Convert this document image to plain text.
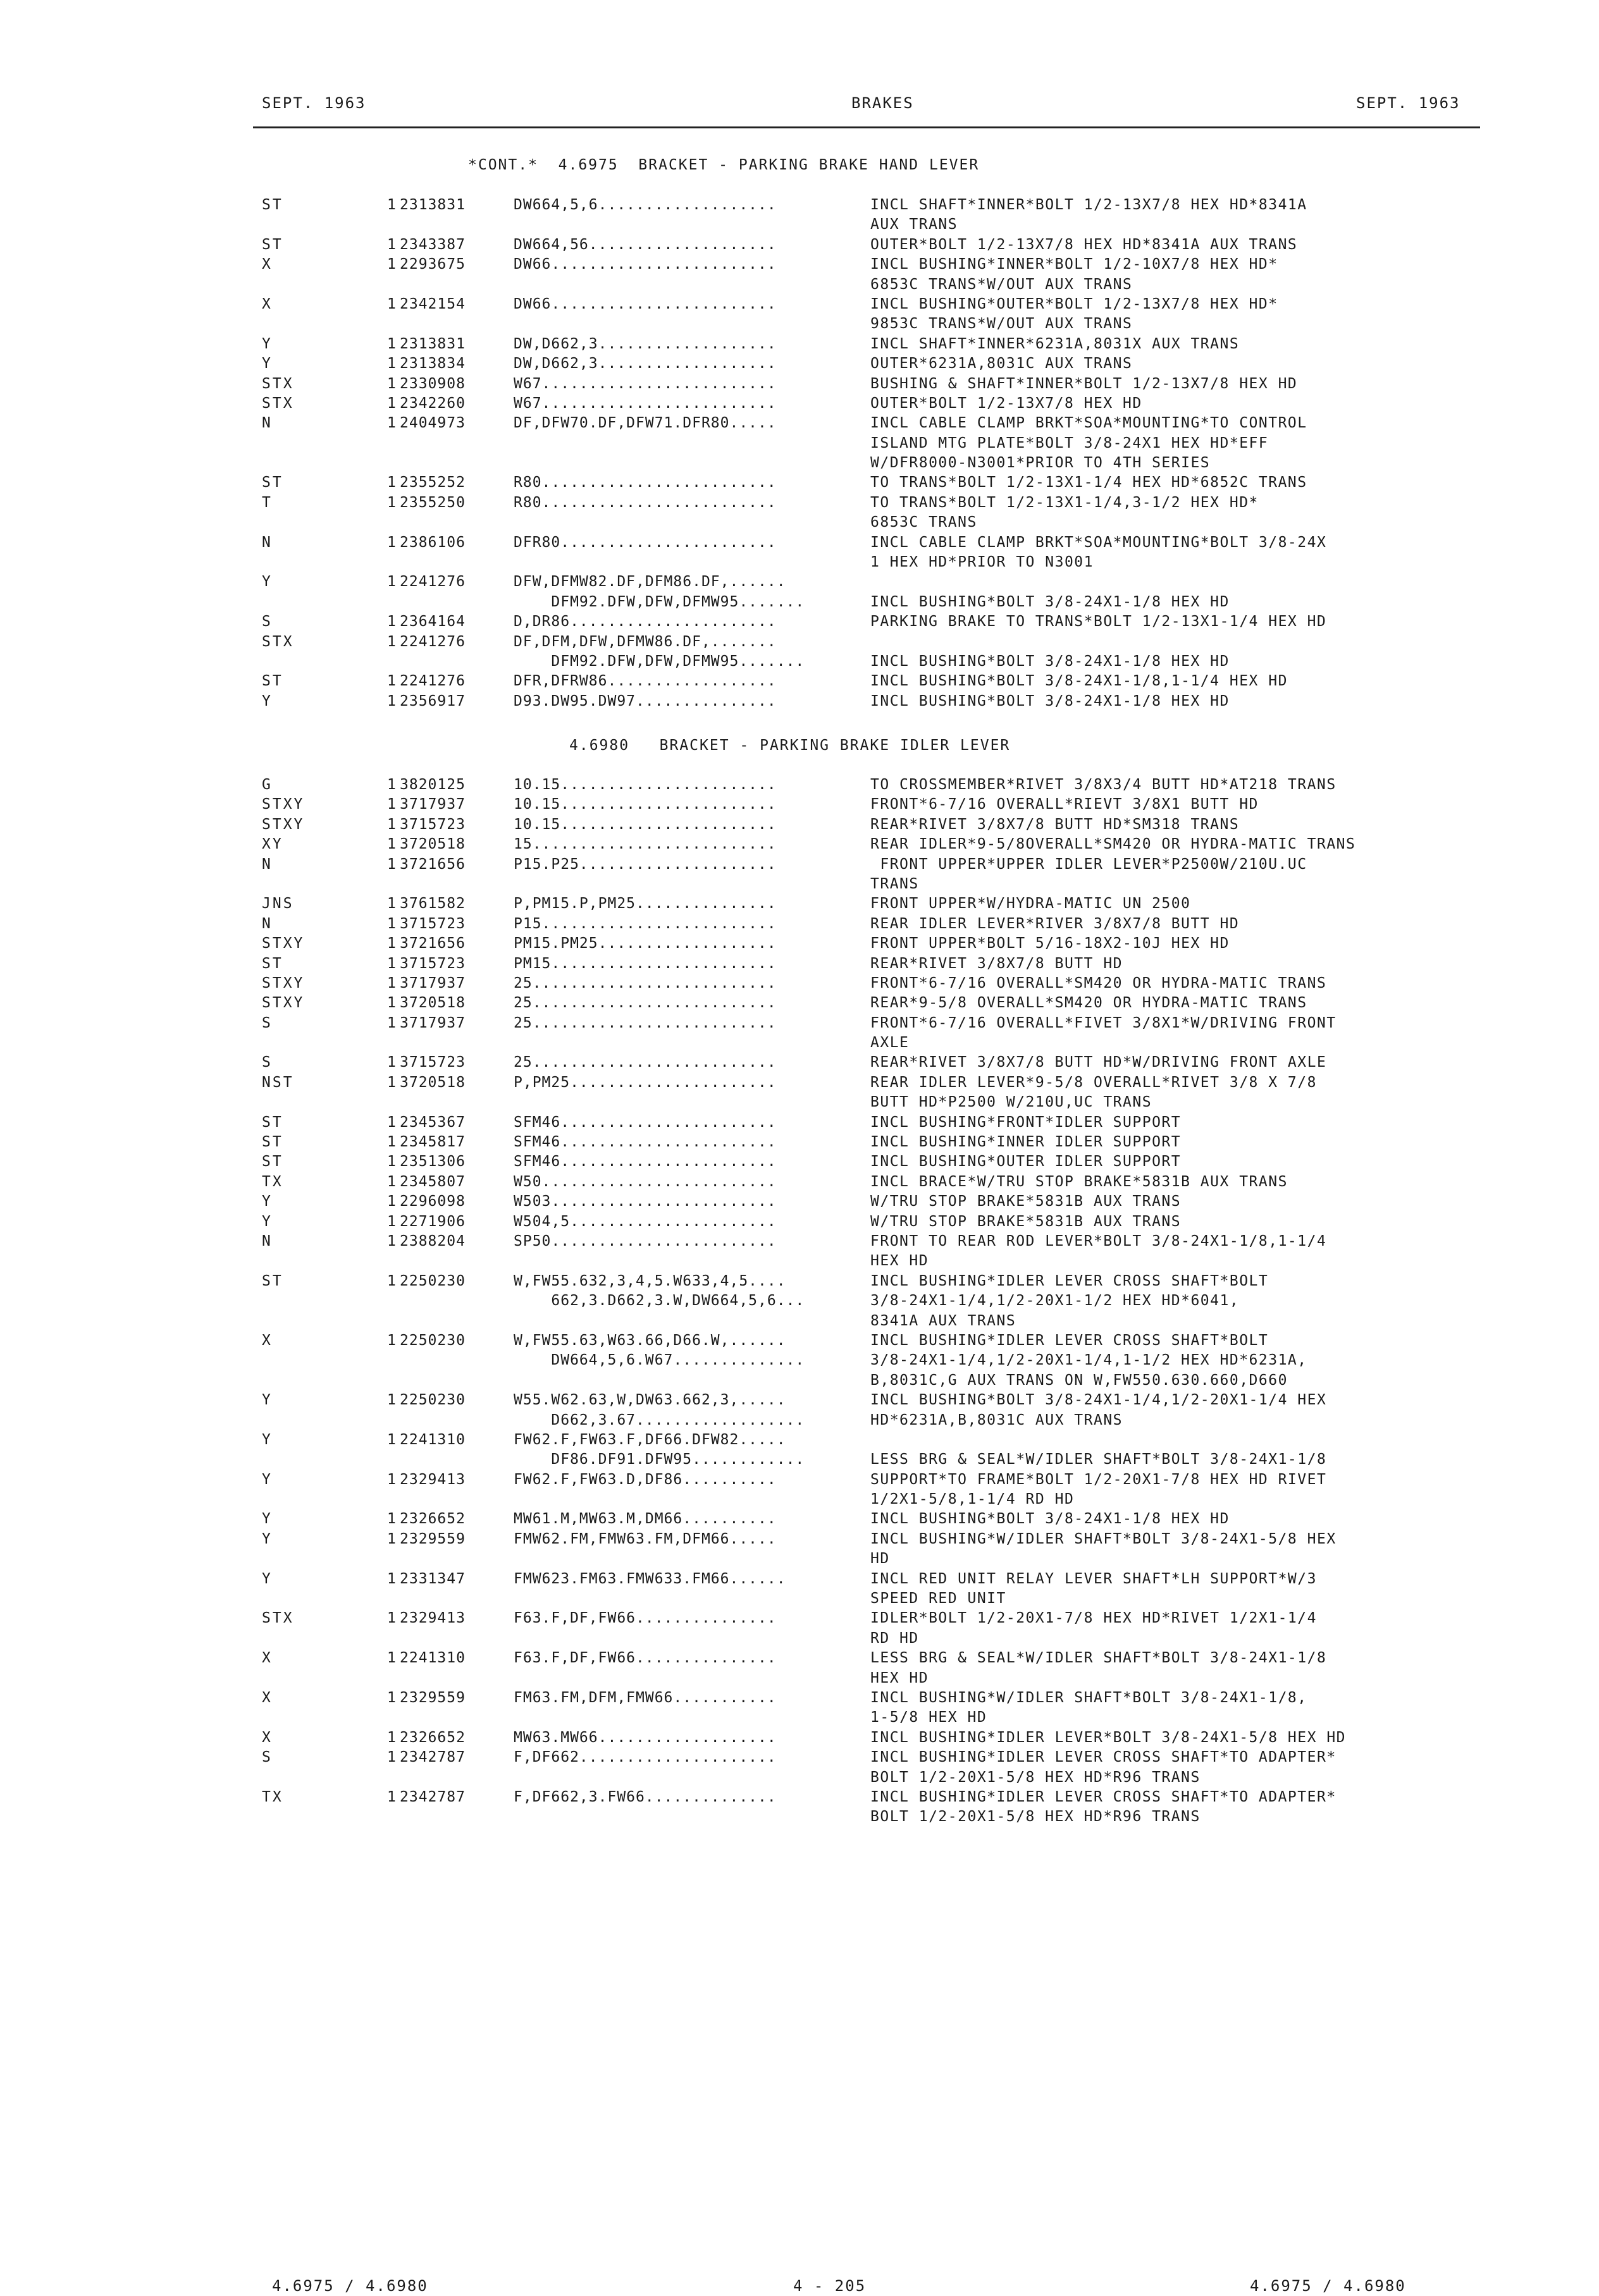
SEPT. 1963	BRAKES	SEPT. 1963
*CONT.*  4.6975  BRACKET - PARKING BRAKE HAND LEVER
ST	1 2313831	DW664,5,6...................	INCL SHAFT*INNER*BOLT 1/2-13X7/8 HEX HD*8341A
AUX TRANS
ST	1 2343387	DW664,56....................	OUTER*BOLT 1/2-13X7/8 HEX HD*8341A AUX TRANS
X	1 2293675	DW66........................	INCL BUSHING*INNER*BOLT 1/2-10X7/8 HEX HD*
6853C TRANS*W/OUT AUX TRANS
X	1 2342154	DW66........................	INCL BUSHING*OUTER*BOLT 1/2-13X7/8 HEX HD*
9853C TRANS*W/OUT AUX TRANS
Y	1 2313831	DW,D662,3...................	INCL SHAFT*INNER*6231A,8031X AUX TRANS
Y	1 2313834	DW,D662,3...................	OUTER*6231A,8031C AUX TRANS
STX	1 2330908	W67.........................	BUSHING & SHAFT*INNER*BOLT 1/2-13X7/8 HEX HD
STX	1 2342260	W67.........................	OUTER*BOLT 1/2-13X7/8 HEX HD
N	1 2404973	DF,DFW70.DF,DFW71.DFR80.....	INCL CABLE CLAMP BRKT*SOA*MOUNTING*TO CONTROL
ISLAND MTG PLATE*BOLT 3/8-24X1 HEX HD*EFF
W/DFR8000-N3001*PRIOR TO 4TH SERIES
ST	1 2355252	R80.........................	TO TRANS*BOLT 1/2-13X1-1/4 HEX HD*6852C TRANS
T	1 2355250	R80.........................	TO TRANS*BOLT 1/2-13X1-1/4,3-1/2 HEX HD*
6853C TRANS
N	1 2386106	DFR80.......................	INCL CABLE CLAMP BRKT*SOA*MOUNTING*BOLT 3/8-24X
1 HEX HD*PRIOR TO N3001
Y	1 2241276	DFW,DFMW82.DF,DFM86.DF,......
DFM92.DFW,DFW,DFMW95.......	INCL BUSHING*BOLT 3/8-24X1-1/8 HEX HD
S	1 2364164	D,DR86......................	PARKING BRAKE TO TRANS*BOLT 1/2-13X1-1/4 HEX HD
STX	1 2241276	DF,DFM,DFW,DFMW86.DF,.......
DFM92.DFW,DFW,DFMW95.......	INCL BUSHING*BOLT 3/8-24X1-1/8 HEX HD
ST	1 2241276	DFR,DFRW86..................	INCL BUSHING*BOLT 3/8-24X1-1/8,1-1/4 HEX HD
Y	1 2356917	D93.DW95.DW97...............	INCL BUSHING*BOLT 3/8-24X1-1/8 HEX HD
4.6980   BRACKET - PARKING BRAKE IDLER LEVER
G	1 3820125	10.15.......................	TO CROSSMEMBER*RIVET 3/8X3/4 BUTT HD*AT218 TRANS
STXY	1 3717937	10.15.......................	FRONT*6-7/16 OVERALL*RIEVT 3/8X1 BUTT HD
STXY	1 3715723	10.15.......................	REAR*RIVET 3/8X7/8 BUTT HD*SM318 TRANS
XY	1 3720518	15..........................	REAR IDLER*9-5/8OVERALL*SM420 OR HYDRA-MATIC TRANS
N	1 3721656	P15.P25.....................	FRONT UPPER*UPPER IDLER LEVER*P2500W/210U.UC
TRANS
JNS	1 3761582	P,PM15.P,PM25...............	FRONT UPPER*W/HYDRA-MATIC UN 2500
N	1 3715723	P15.........................	REAR IDLER LEVER*RIVER 3/8X7/8 BUTT HD
STXY	1 3721656	PM15.PM25...................	FRONT UPPER*BOLT 5/16-18X2-10J HEX HD
ST	1 3715723	PM15........................	REAR*RIVET 3/8X7/8 BUTT HD
STXY	1 3717937	25..........................	FRONT*6-7/16 OVERALL*SM420 OR HYDRA-MATIC TRANS
STXY	1 3720518	25..........................	REAR*9-5/8 OVERALL*SM420 OR HYDRA-MATIC TRANS
S	1 3717937	25..........................	FRONT*6-7/16 OVERALL*FIVET 3/8X1*W/DRIVING FRONT
AXLE
S	1 3715723	25..........................	REAR*RIVET 3/8X7/8 BUTT HD*W/DRIVING FRONT AXLE
NST	1 3720518	P,PM25......................	REAR IDLER LEVER*9-5/8 OVERALL*RIVET 3/8 X 7/8
BUTT HD*P2500 W/210U,UC TRANS
ST	1 2345367	SFM46.......................	INCL BUSHING*FRONT*IDLER SUPPORT
ST	1 2345817	SFM46.......................	INCL BUSHING*INNER IDLER SUPPORT
ST	1 2351306	SFM46.......................	INCL BUSHING*OUTER IDLER SUPPORT
TX	1 2345807	W50.........................	INCL BRACE*W/TRU STOP BRAKE*5831B AUX TRANS
Y	1 2296098	W503........................	W/TRU STOP BRAKE*5831B AUX TRANS
Y	1 2271906	W504,5......................	W/TRU STOP BRAKE*5831B AUX TRANS
N	1 2388204	SP50........................	FRONT TO REAR ROD LEVER*BOLT 3/8-24X1-1/8,1-1/4
HEX HD
ST	1 2250230	W,FW55.632,3,4,5.W633,4,5....	INCL BUSHING*IDLER LEVER CROSS SHAFT*BOLT
662,3.D662,3.W,DW664,5,6...	3/8-24X1-1/4,1/2-20X1-1/2 HEX HD*6041,
8341A AUX TRANS
X	1 2250230	W,FW55.63,W63.66,D66.W,......	INCL BUSHING*IDLER LEVER CROSS SHAFT*BOLT
DW664,5,6.W67..............	3/8-24X1-1/4,1/2-20X1-1/4,1-1/2 HEX HD*6231A,
B,8031C,G AUX TRANS ON W,FW550.630.660,D660
Y	1 2250230	W55.W62.63,W,DW63.662,3,.....	INCL BUSHING*BOLT 3/8-24X1-1/4,1/2-20X1-1/4 HEX
D662,3.67..................	HD*6231A,B,8031C AUX TRANS
Y	1 2241310	FW62.F,FW63.F,DF66.DFW82.....
DF86.DF91.DFW95............	LESS BRG & SEAL*W/IDLER SHAFT*BOLT 3/8-24X1-1/8
Y	1 2329413	FW62.F,FW63.D,DF86..........	SUPPORT*TO FRAME*BOLT 1/2-20X1-7/8 HEX HD RIVET
1/2X1-5/8,1-1/4 RD HD
Y	1 2326652	MW61.M,MW63.M,DM66..........	INCL BUSHING*BOLT 3/8-24X1-1/8 HEX HD
Y	1 2329559	FMW62.FM,FMW63.FM,DFM66.....	INCL BUSHING*W/IDLER SHAFT*BOLT 3/8-24X1-5/8 HEX
HD
Y	1 2331347	FMW623.FM63.FMW633.FM66......	INCL RED UNIT RELAY LEVER SHAFT*LH SUPPORT*W/3
SPEED RED UNIT
STX	1 2329413	F63.F,DF,FW66...............	IDLER*BOLT 1/2-20X1-7/8 HEX HD*RIVET 1/2X1-1/4
RD HD
X	1 2241310	F63.F,DF,FW66...............	LESS BRG & SEAL*W/IDLER SHAFT*BOLT 3/8-24X1-1/8
HEX HD
X	1 2329559	FM63.FM,DFM,FMW66...........	INCL BUSHING*W/IDLER SHAFT*BOLT 3/8-24X1-1/8,
1-5/8 HEX HD
X	1 2326652	MW63.MW66...................	INCL BUSHING*IDLER LEVER*BOLT 3/8-24X1-5/8 HEX HD
S	1 2342787	F,DF662.....................	INCL BUSHING*IDLER LEVER CROSS SHAFT*TO ADAPTER*
BOLT 1/2-20X1-5/8 HEX HD*R96 TRANS
TX	1 2342787	F,DF662,3.FW66..............	INCL BUSHING*IDLER LEVER CROSS SHAFT*TO ADAPTER*
BOLT 1/2-20X1-5/8 HEX HD*R96 TRANS
4.6975 / 4.6980	4 - 205	4.6975 / 4.6980
